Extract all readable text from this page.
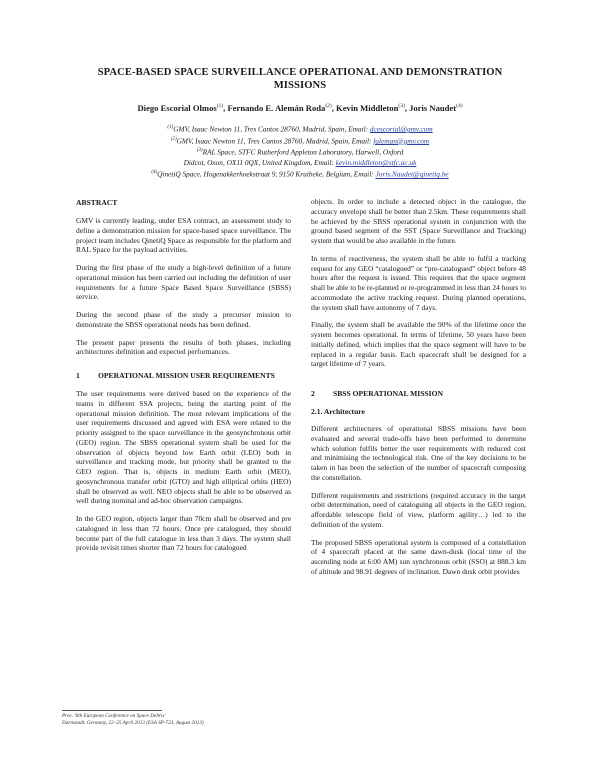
SPACE-BASED SPACE SURVEILLANCE OPERATIONAL AND DEMONSTRATION
MISSIONS
Diego Escorial Olmos$^{(1)}$, Fernando E. Alemán Roda$^{(2)}$, Kevin Middleton$^{(3)}$, Joris Naudet$^{(4)}$
$^{(1)}$GMV, Isaac Newton 11, Tres Cantos 28760, Madrid, Spain, Email: dcescorial@gmv.com
$^{(2)}$GMV, Isaac Newton 11, Tres Cantos 28760, Madrid, Spain, Email: faleman@gmv.com
$^{(3)}$RAL Space, STFC Rutherford Appleton Laboratory, Harwell, Oxford
Didcot, Oxon, OX11 0QX, United Kingdom, Email: kevin.middleton@stfc.ac.uk
$^{(4)}$QinetiQ Space, Hogenakkerhoekstraat 9, 9150 Kruibeke, Belgium, Email: Joris.Naudet@qinetiq.be
ABSTRACT

GMV is currently leading, under ESA contract, an assessment study to define a demonstration mission for space-based space surveillance. The project team includes QinetiQ Space as responsible for the platform and RAL Space for the payload activities.

During the first phase of the study a high-level definition of a future operational mission has been carried out including the definition of user requirements for a future Space Based Space Surveillance (SBSS) service.

During the second phase of the study a precursor mission to demonstrate the SBSS operational needs has been defined.

The present paper presents the results of both phases, including architectures definition and expected performances.

1	OPERATIONAL MISSION USER REQUIREMENTS

The user requirements were derived based on the experience of the teams in different SSA projects, being the starting point of the operational mission definition. The most relevant implications of the user requirements discussed and agreed with ESA were related to the priority assigned to the space surveillance in the geosynchronous orbit (GEO) region. The SBSS operational system shall be used for the observation of objects beyond low Earth orbit (LEO) both in surveillance and tracking mode, but priority shall be granted to the GEO region. That is, objects in medium Earth orbit (MEO), geosynchronous transfer orbit (GTO) and high elliptical orbits (HEO) shall be observed as well. NEO objects shall be able to be observed as well during nominal and ad-hoc observation campaigns.

In the GEO region, objects larger than 70cm shall be observed and pre catalogued in less than 72 hours. Once pre catalogued, they should become part of the full catalogue in less than 3 days. The system shall provide revisit times shorter than 72 hours for catalogued

objects. In order to include a detected object in the catalogue, the accuracy envelope shall be better than 2.5km. These requirements shall be achieved by the SBSS operational system in conjunction with the ground based segment of the SST (Space Surveillance and Tracking) system that would be also available in the future.

In terms of reactiveness, the system shall be able to fulfil a tracking request for any GEO “catalogued” or “pre-catalogued” object before 48 hours after the request is issued. This requires that the space segment shall be able to be re-planned or re-programmed in less than 24 hours to accommodate the active tracking request. During planned operations, the system shall have autonomy of 7 days.

Finally, the system shall be available the 90% of the lifetime once the system becomes operational. In terms of lifetime, 50 years have been initially defined, which implies that the space segment will have to be replaced in a regular basis. Each spacecraft shall be designed for a target lifetime of 7 years.

2	SBSS OPERATIONAL MISSION
2.1. Architecture

Different architectures of operational SBSS missions have been evaluated and several trade-offs have been performed to determine which solution fulfils better the user requirements with reduced cost and minimising the technological risk. One of the key decisions to be taken in has been the selection of the number of spacecraft composing the constellation.

Different requirements and restrictions (required accuracy in the target orbit determination, need of cataloguing all objects in the GEO region, affordable telescope field of view, platform agility…) led to the definition of the system.

The proposed SBSS operational system is composed of a constellation of 4 spacecraft placed at the same dawn-dusk (local time of the ascending node at 6:00 AM) sun synchronous orbit (SSO) at 888.3 km of altitude and 98.91 degrees of inclination. Dawn dusk orbit provides

Proc. '6th European Conference on Space Debris'
Darmstadt, Germany, 22–25 April 2013 (ESA SP-723, August 2013)
